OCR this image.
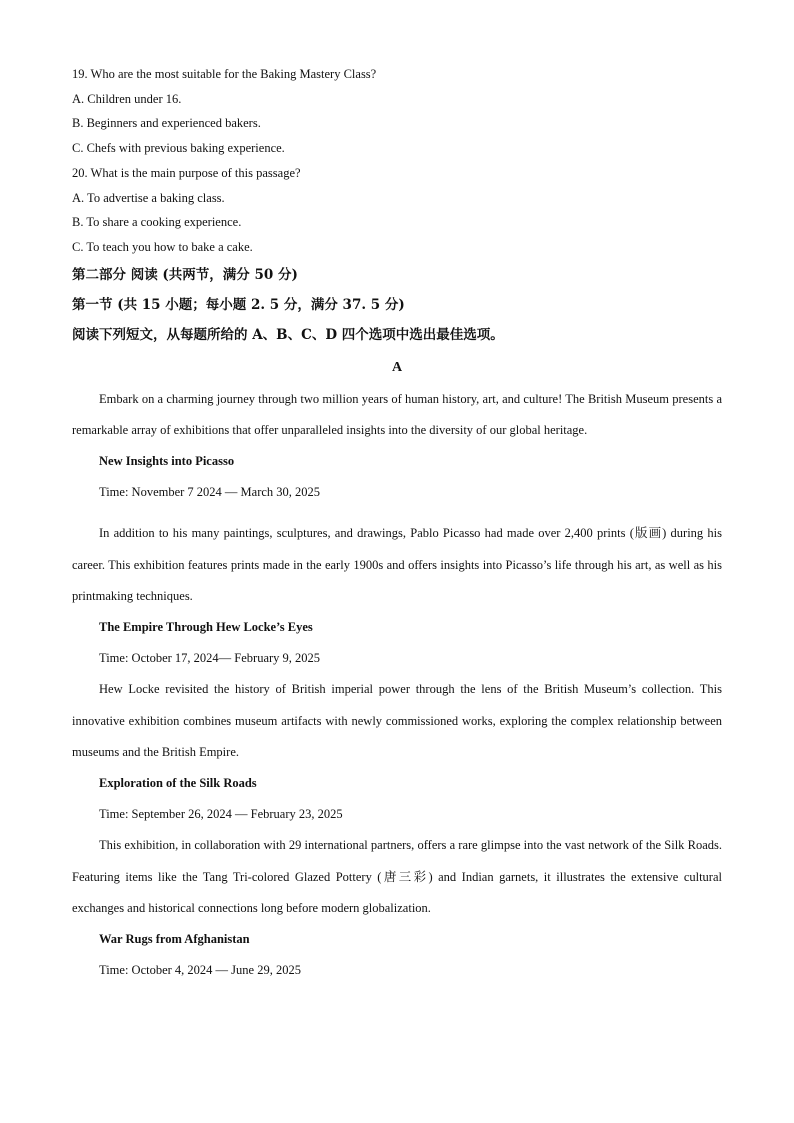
19. Who are the most suitable for the Baking Mastery Class?
A. Children under 16.
B. Beginners and experienced bakers.
C. Chefs with previous baking experience.
20. What is the main purpose of this passage?
A. To advertise a baking class.
B. To share a cooking experience.
C. To teach you how to bake a cake.
第二部分 阅读 (共两节，满分 50 分)
第一节 (共 15 小题；每小题 2. 5 分，满分 37. 5 分)
阅读下列短文，从每题所给的 A、B、C、D 四个选项中选出最佳选项。
A
Embark on a charming journey through two million years of human history, art, and culture! The British Museum presents a remarkable array of exhibitions that offer unparalleled insights into the diversity of our global heritage.
New Insights into Picasso
Time: November 7 2024 — March 30, 2025
In addition to his many paintings, sculptures, and drawings, Pablo Picasso had made over 2,400 prints (版画) during his career. This exhibition features prints made in the early 1900s and offers insights into Picasso’s life through his art, as well as his printmaking techniques.
The Empire Through Hew Locke’s Eyes
Time: October 17, 2024— February 9, 2025
Hew Locke revisited the history of British imperial power through the lens of the British Museum’s collection. This innovative exhibition combines museum artifacts with newly commissioned works, exploring the complex relationship between museums and the British Empire.
Exploration of the Silk Roads
Time: September 26, 2024 — February 23, 2025
This exhibition, in collaboration with 29 international partners, offers a rare glimpse into the vast network of the Silk Roads. Featuring items like the Tang Tri-colored Glazed Pottery (唐三彩) and Indian garnets, it illustrates the extensive cultural exchanges and historical connections long before modern globalization.
War Rugs from Afghanistan
Time: October 4, 2024 — June 29, 2025
